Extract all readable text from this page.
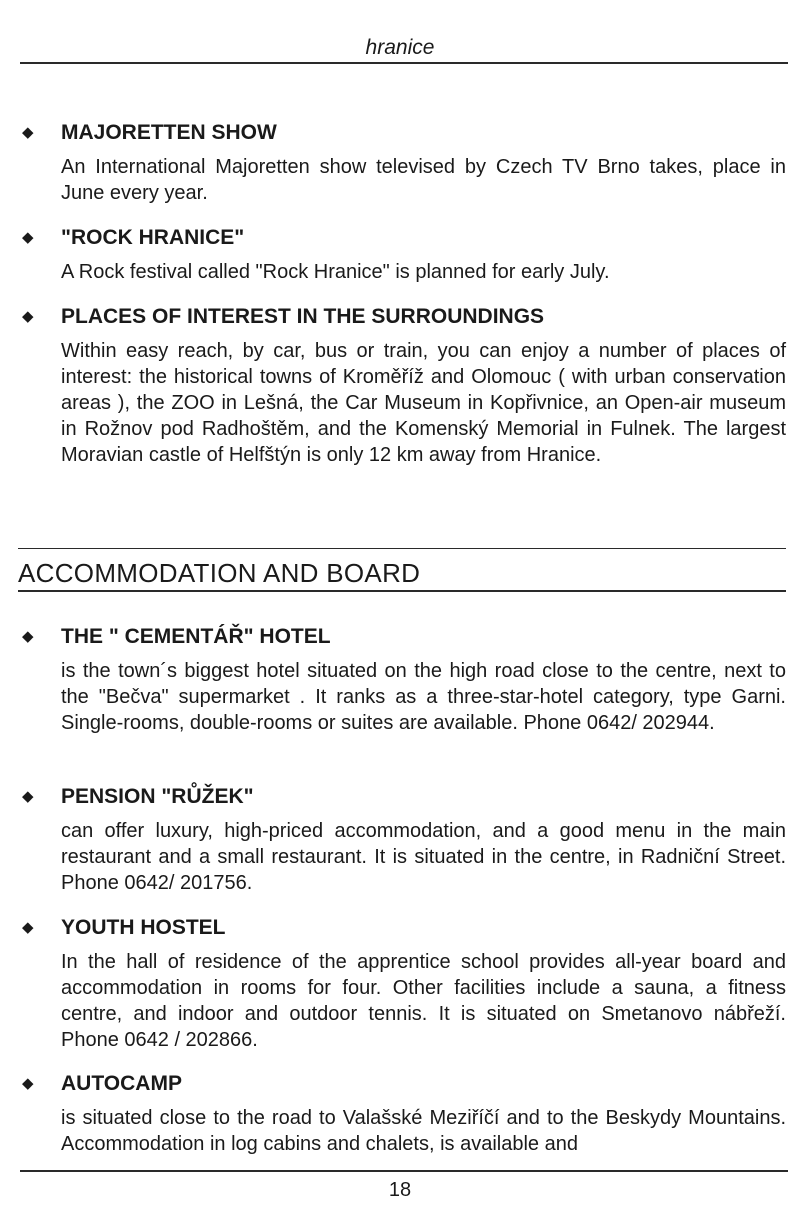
hranice
◆ MAJORETTEN SHOW
An International Majoretten show televised by Czech TV Brno takes, place in June every year.
◆ "ROCK HRANICE"
A Rock festival called "Rock Hranice" is planned for early July.
◆ PLACES OF INTEREST IN THE SURROUNDINGS
Within easy reach, by car, bus or train, you can enjoy a number of places of interest: the historical towns of Kroměříž and Olomouc ( with urban conservation areas ), the ZOO in Lešná, the Car Museum in Kopřivnice, an Open-air museum in Rožnov pod Radhoštěm, and the Komenský Memorial in Fulnek. The largest Moravian castle of Helfštýn is only 12 km away from Hranice.
ACCOMMODATION AND BOARD
◆ THE " CEMENTÁŘ" HOTEL
is the town´s biggest hotel situated on the high road close to the centre, next to the "Bečva" supermarket . It ranks as a three-star-hotel category, type Garni. Single-rooms, double-rooms or suites are available. Phone 0642/ 202944.
◆ PENSION "RŮŽEK"
can offer luxury, high-priced accommodation, and a good menu in the main restaurant and a small restaurant. It is situated in the centre, in Radniční Street. Phone 0642/ 201756.
◆ YOUTH HOSTEL
In the hall of residence of the apprentice school provides all-year board and accommodation in rooms for four. Other facilities include a sauna, a fitness centre, and indoor and outdoor tennis. It is situated on Smetanovo nábřeží. Phone 0642 / 202866.
◆ AUTOCAMP
is situated close to the road to Valašské Meziříčí and to the Beskydy Mountains. Accommodation in log cabins and chalets, is available and
18
